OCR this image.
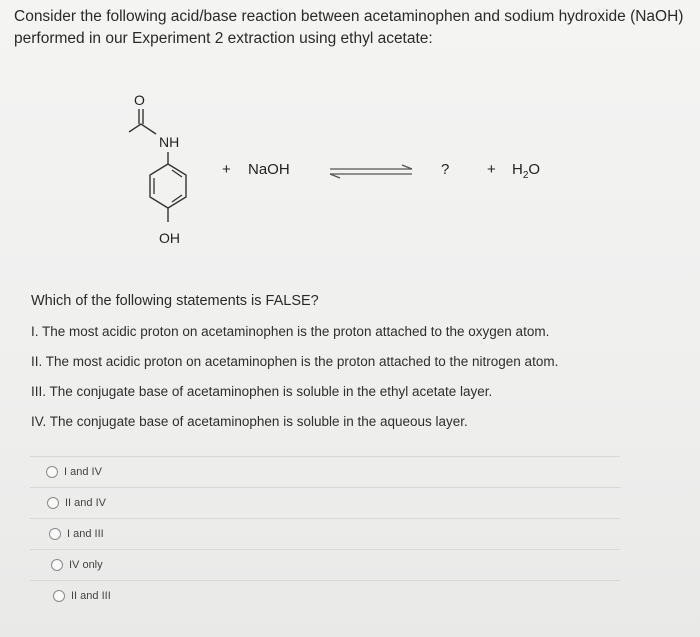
Consider the following acid/base reaction between acetaminophen and sodium hydroxide (NaOH)
performed in our Experiment 2 extraction using ethyl acetate:
O
NH
OH
+ NaOH	?	+ $H_2O$
Which of the following statements is FALSE?
I. The most acidic proton on acetaminophen is the proton attached to the oxygen atom.
II. The most acidic proton on acetaminophen is the proton attached to the nitrogen atom.
III. The conjugate base of acetaminophen is soluble in the ethyl acetate layer.
IV. The conjugate base of acetaminophen is soluble in the aqueous layer.
I and IV
II and IV
I and III
IV only
II and III
